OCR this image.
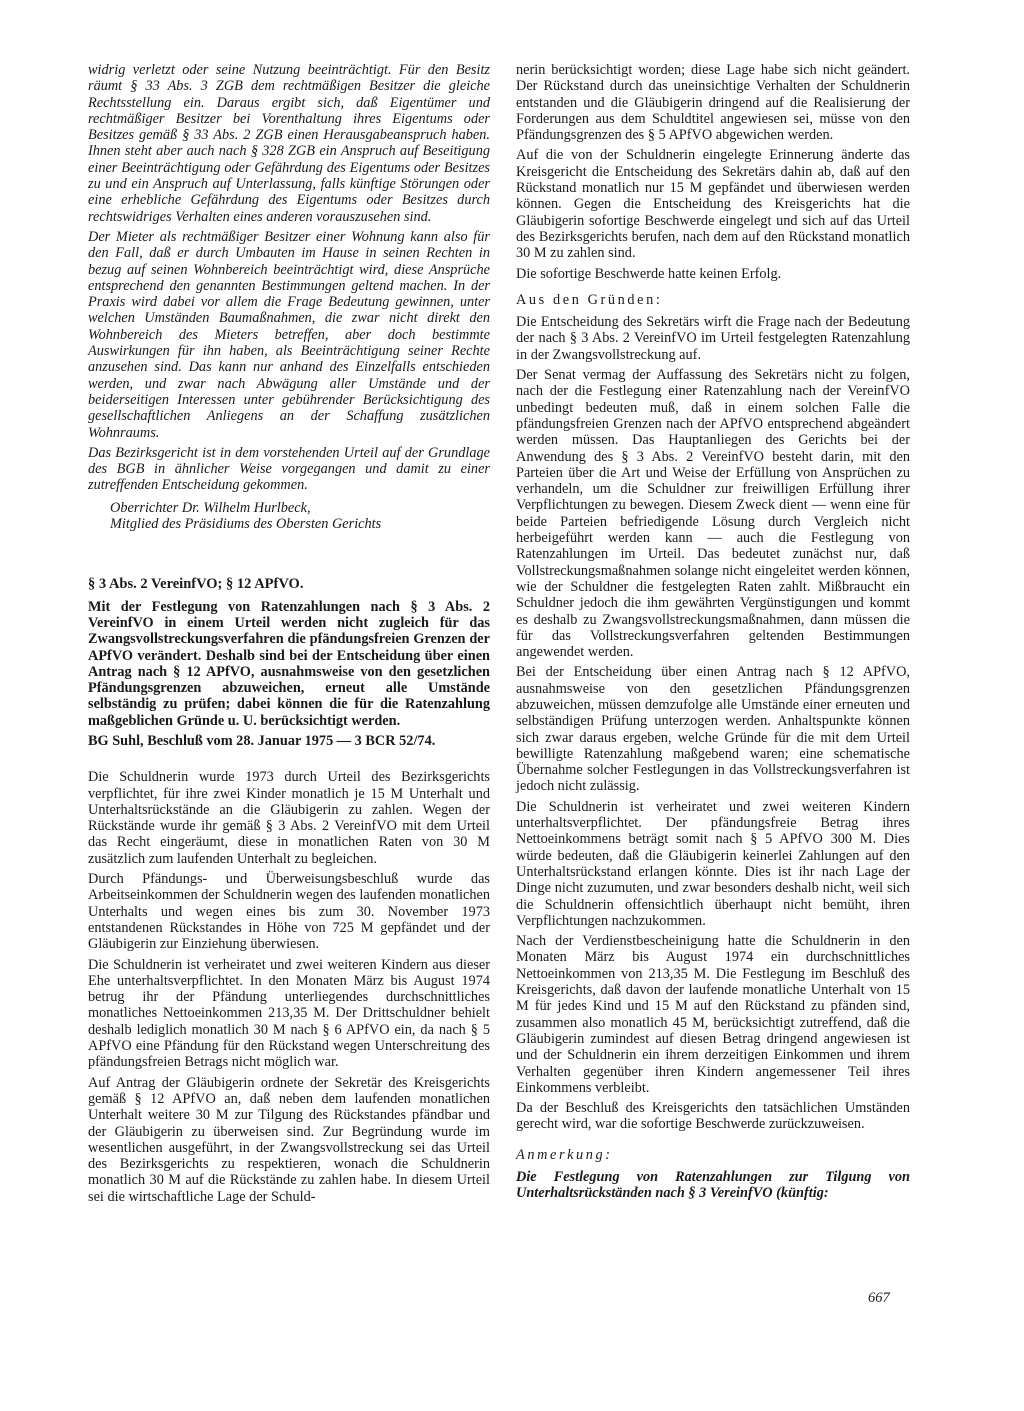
widrig verletzt oder seine Nutzung beeinträchtigt. Für den Besitz räumt § 33 Abs. 3 ZGB dem rechtmäßigen Besitzer die gleiche Rechtsstellung ein. Daraus ergibt sich, daß Eigentümer und rechtmäßiger Besitzer bei Vorenthaltung ihres Eigentums oder Besitzes gemäß § 33 Abs. 2 ZGB einen Herausgabeanspruch haben. Ihnen steht aber auch nach § 328 ZGB ein Anspruch auf Beseitigung einer Beeinträchtigung oder Gefährdung des Eigentums oder Besitzes zu und ein Anspruch auf Unterlassung, falls künftige Störungen oder eine erhebliche Gefährdung des Eigentums oder Besitzes durch rechtswidriges Verhalten eines anderen vorauszusehen sind.

Der Mieter als rechtmäßiger Besitzer einer Wohnung kann also für den Fall, daß er durch Umbauten im Hause in seinen Rechten in bezug auf seinen Wohnbereich beeinträchtigt wird, diese Ansprüche entsprechend den genannten Bestimmungen geltend machen. In der Praxis wird dabei vor allem die Frage Bedeutung gewinnen, unter welchen Umständen Baumaßnahmen, die zwar nicht direkt den Wohnbereich des Mieters betreffen, aber doch bestimmte Auswirkungen für ihn haben, als Beeinträchtigung seiner Rechte anzusehen sind. Das kann nur anhand des Einzelfalls entschieden werden, und zwar nach Abwägung aller Umstände und der beiderseitigen Interessen unter gebührender Berücksichtigung des gesellschaftlichen Anliegens an der Schaffung zusätzlichen Wohnraums.

Das Bezirksgericht ist in dem vorstehenden Urteil auf der Grundlage des BGB in ähnlicher Weise vorgegangen und damit zu einer zutreffenden Entscheidung gekommen.

Oberrichter Dr. Wilhelm Hurlbeck,
Mitglied des Präsidiums des Obersten Gerichts
§ 3 Abs. 2 VereinfVO; § 12 APfVO.

Mit der Festlegung von Ratenzahlungen nach § 3 Abs. 2 VereinfVO in einem Urteil werden nicht zugleich für das Zwangsvollstreckungsverfahren die pfändungsfreien Grenzen der APfVO verändert. Deshalb sind bei der Entscheidung über einen Antrag nach § 12 APfVO, ausnahmsweise von den gesetzlichen Pfändungsgrenzen abzuweichen, erneut alle Umstände selbständig zu prüfen; dabei können die für die Ratenzahlung maßgeblichen Gründe u. U. berücksichtigt werden.

BG Suhl, Beschluß vom 28. Januar 1975 — 3 BCR 52/74.

Die Schuldnerin wurde 1973 durch Urteil des Bezirksgerichts verpflichtet, für ihre zwei Kinder monatlich je 15 M Unterhalt und Unterhaltsrückstände an die Gläubigerin zu zahlen. Wegen der Rückstände wurde ihr gemäß § 3 Abs. 2 VereinfVO mit dem Urteil das Recht eingeräumt, diese in monatlichen Raten von 30 M zusätzlich zum laufenden Unterhalt zu begleichen.

Durch Pfändungs- und Überweisungsbeschluß wurde das Arbeitseinkommen der Schuldnerin wegen des laufenden monatlichen Unterhalts und wegen eines bis zum 30. November 1973 entstandenen Rückstandes in Höhe von 725 M gepfändet und der Gläubigerin zur Einziehung überwiesen.

Die Schuldnerin ist verheiratet und zwei weiteren Kindern aus dieser Ehe unterhaltsverpflichtet. In den Monaten März bis August 1974 betrug ihr der Pfändung unterliegendes durchschnittliches monatliches Nettoeinkommen 213,35 M. Der Drittschuldner behielt deshalb lediglich monatlich 30 M nach § 6 APfVO ein, da nach § 5 APfVO eine Pfändung für den Rückstand wegen Unterschreitung des pfändungsfreien Betrags nicht möglich war.

Auf Antrag der Gläubigerin ordnete der Sekretär des Kreisgerichts gemäß § 12 APfVO an, daß neben dem laufenden monatlichen Unterhalt weitere 30 M zur Tilgung des Rückstandes pfändbar und der Gläubigerin zu überweisen sind. Zur Begründung wurde im wesentlichen ausgeführt, in der Zwangsvollstreckung sei das Urteil des Bezirksgerichts zu respektieren, wonach die Schuldnerin monatlich 30 M auf die Rückstände zu zahlen habe. In diesem Urteil sei die wirtschaftliche Lage der Schuld-

nerin berücksichtigt worden; diese Lage habe sich nicht geändert. Der Rückstand durch das uneinsichtige Verhalten der Schuldnerin entstanden und die Gläubigerin dringend auf die Realisierung der Forderungen aus dem Schuldtitel angewiesen sei, müsse von den Pfändungsgrenzen des § 5 APfVO abgewichen werden.

Auf die von der Schuldnerin eingelegte Erinnerung änderte das Kreisgericht die Entscheidung des Sekretärs dahin ab, daß auf den Rückstand monatlich nur 15 M gepfändet und überwiesen werden können. Gegen die Entscheidung des Kreisgerichts hat die Gläubigerin sofortige Beschwerde eingelegt und sich auf das Urteil des Bezirksgerichts berufen, nach dem auf den Rückstand monatlich 30 M zu zahlen sind.

Die sofortige Beschwerde hatte keinen Erfolg.

Aus den Gründen:

Die Entscheidung des Sekretärs wirft die Frage nach der Bedeutung der nach § 3 Abs. 2 VereinfVO im Urteil festgelegten Ratenzahlung in der Zwangsvollstreckung auf.

Der Senat vermag der Auffassung des Sekretärs nicht zu folgen, nach der die Festlegung einer Ratenzahlung nach der VereinfVO unbedingt bedeuten muß, daß in einem solchen Falle die pfändungsfreien Grenzen nach der APfVO entsprechend abgeändert werden müssen. Das Hauptanliegen des Gerichts bei der Anwendung des § 3 Abs. 2 VereinfVO besteht darin, mit den Parteien über die Art und Weise der Erfüllung von Ansprüchen zu verhandeln, um die Schuldner zur freiwilligen Erfüllung ihrer Verpflichtungen zu bewegen. Diesem Zweck dient — wenn eine für beide Parteien befriedigende Lösung durch Vergleich nicht herbeigeführt werden kann — auch die Festlegung von Ratenzahlungen im Urteil. Das bedeutet zunächst nur, daß Vollstreckungsmaßnahmen solange nicht eingeleitet werden können, wie der Schuldner die festgelegten Raten zahlt. Mißbraucht ein Schuldner jedoch die ihm gewährten Vergünstigungen und kommt es deshalb zu Zwangsvollstreckungsmaßnahmen, dann müssen die für das Vollstreckungsverfahren geltenden Bestimmungen angewendet werden.

Bei der Entscheidung über einen Antrag nach § 12 APfVO, ausnahmsweise von den gesetzlichen Pfändungsgrenzen abzuweichen, müssen demzufolge alle Umstände einer erneuten und selbständigen Prüfung unterzogen werden. Anhaltspunkte können sich zwar daraus ergeben, welche Gründe für die mit dem Urteil bewilligte Ratenzahlung maßgebend waren; eine schematische Übernahme solcher Festlegungen in das Vollstreckungsverfahren ist jedoch nicht zulässig.

Die Schuldnerin ist verheiratet und zwei weiteren Kindern unterhaltsverpflichtet. Der pfändungsfreie Betrag ihres Nettoeinkommens beträgt somit nach § 5 APfVO 300 M. Dies würde bedeuten, daß die Gläubigerin keinerlei Zahlungen auf den Unterhaltsrückstand erlangen könnte. Dies ist ihr nach Lage der Dinge nicht zuzumuten, und zwar besonders deshalb nicht, weil sich die Schuldnerin offensichtlich überhaupt nicht bemüht, ihren Verpflichtungen nachzukommen.

Nach der Verdienstbescheinigung hatte die Schuldnerin in den Monaten März bis August 1974 ein durchschnittliches Nettoeinkommen von 213,35 M. Die Festlegung im Beschluß des Kreisgerichts, daß davon der laufende monatliche Unterhalt von 15 M für jedes Kind und 15 M auf den Rückstand zu pfänden sind, zusammen also monatlich 45 M, berücksichtigt zutreffend, daß die Gläubigerin zumindest auf diesen Betrag dringend angewiesen ist und der Schuldnerin ein ihrem derzeitigen Einkommen und ihrem Verhalten gegenüber ihren Kindern angemessener Teil ihres Einkommens verbleibt.

Da der Beschluß des Kreisgerichts den tatsächlichen Umständen gerecht wird, war die sofortige Beschwerde zurückzuweisen.

Anmerkung:

Die Festlegung von Ratenzahlungen zur Tilgung von Unterhaltsrückständen nach § 3 VereinfVO (künftig:

667
